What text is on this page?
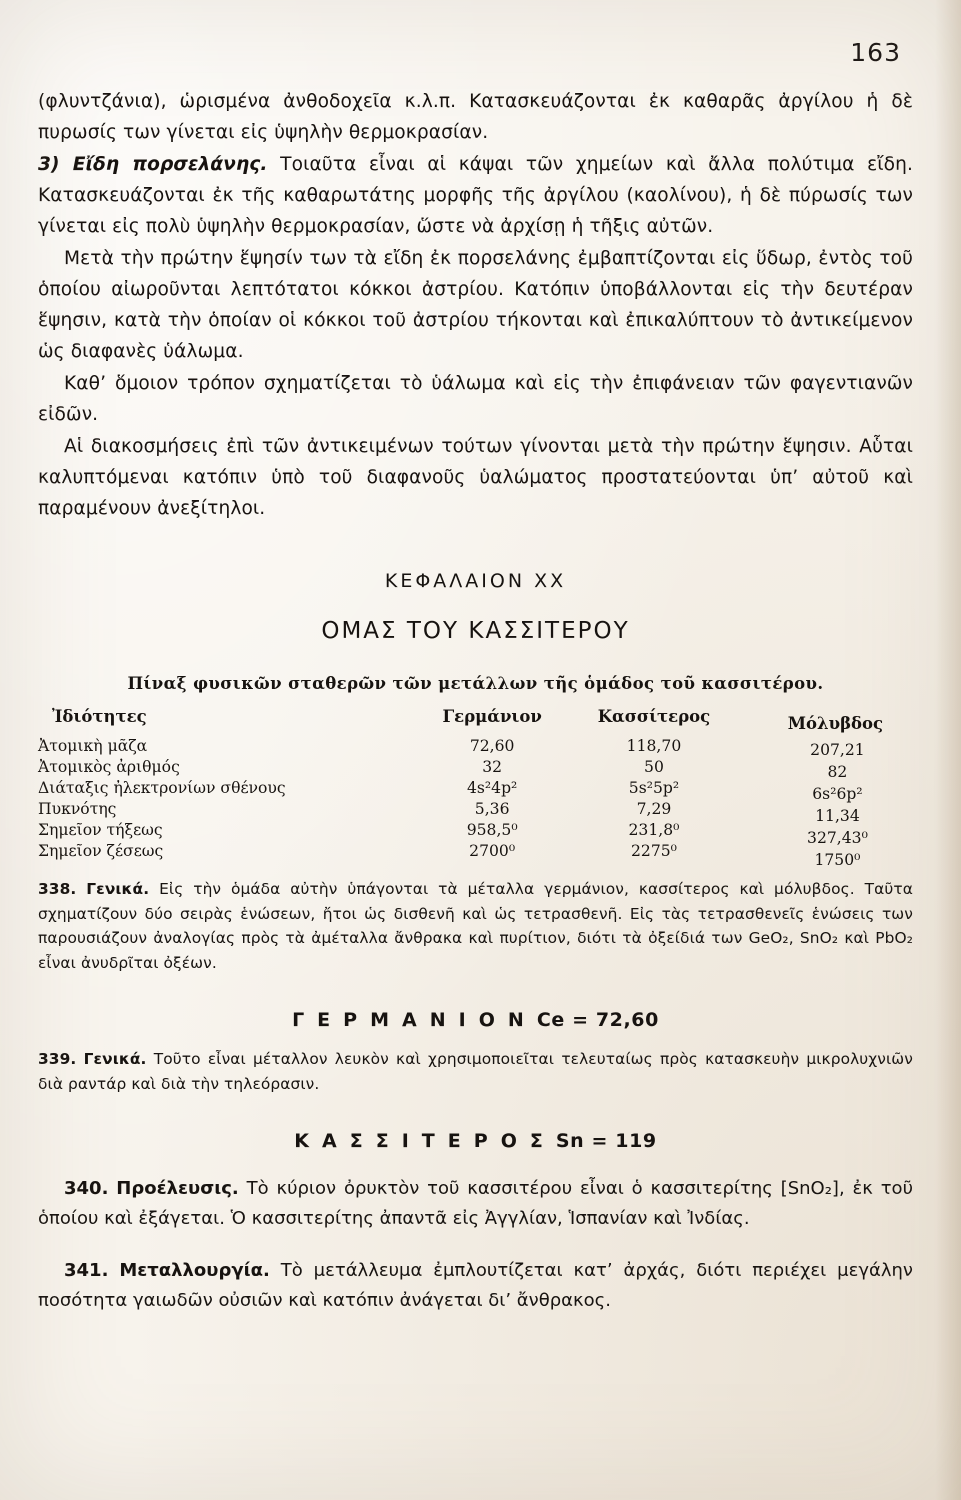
163

(φλυντζάνια), ὡρισμένα ἀνθοδοχεῖα κ.λ.π. Κατασκευάζονται ἐκ καθαρᾶς ἀργίλου ἡ δὲ πυρωσίς των γίνεται εἰς ὑψηλὴν θερμοκρασίαν.

3) Εἴδη πορσελάνης. Τοιαῦτα εἶναι αἱ κάψαι τῶν χημείων καὶ ἄλλα πολύτιμα εἴδη. Κατασκευάζονται ἐκ τῆς καθαρωτάτης μορφῆς τῆς ἀργίλου (καολίνου), ἡ δὲ πύρωσίς των γίνεται εἰς πολὺ ὑψηλὴν θερμοκρασίαν, ὥστε νὰ ἀρχίσῃ ἡ τῆξις αὐτῶν.

Μετὰ τὴν πρώτην ἕψησίν των τὰ εἴδη ἐκ πορσελάνης ἐμβαπτίζονται εἰς ὕδωρ, ἐντὸς τοῦ ὁποίου αἰωροῦνται λεπτότατοι κόκκοι ἀστρίου. Κατόπιν ὑποβάλλονται εἰς τὴν δευτέραν ἕψησιν, κατὰ τὴν ὁποίαν οἱ κόκκοι τοῦ ἀστρίου τήκονται καὶ ἐπικαλύπτουν τὸ ἀντικείμενον ὡς διαφανὲς ὑάλωμα.

Καθ’ ὅμοιον τρόπον σχηματίζεται τὸ ὑάλωμα καὶ εἰς τὴν ἐπιφάνειαν τῶν φαγεντιανῶν εἰδῶν.

Αἱ διακοσμήσεις ἐπὶ τῶν ἀντικειμένων τούτων γίνονται μετὰ τὴν πρώτην ἕψησιν. Αὗται καλυπτόμεναι κατόπιν ὑπὸ τοῦ διαφανοῦς ὑαλώματος προστατεύονται ὑπ’ αὐτοῦ καὶ παραμένουν ἀνεξίτηλοι.

ΚΕΦΑΛΑΙΟΝ ΧΧ
ΟΜΑΣ ΤΟΥ ΚΑΣΣΙΤΕΡΟΥ
Πίναξ φυσικῶν σταθερῶν τῶν μετάλλων τῆς ὁμάδος τοῦ κασσιτέρου.
Ἰδιότητες	Γερμάνιον	Κασσίτερος	Μόλυβδος
Ἀτομικὴ μᾶζα	72,60	118,70	207,21
Ἀτομικὸς ἀριθμός	32	50	82
Διάταξις ἠλεκτρονίων σθένους	4s²4p²	5s²5p²	6s²6p²
Πυκνότης	5,36	7,29	11,34
Σημεῖον τήξεως	958,5⁰	231,8⁰	327,43⁰
Σημεῖον ζέσεως	2700⁰	2275⁰	1750⁰

338. Γενικά. Εἰς τὴν ὁμάδα αὐτὴν ὑπάγονται τὰ μέταλλα γερμάνιον, κασσίτερος καὶ μόλυβδος. Ταῦτα σχηματίζουν δύο σειρὰς ἑνώσεων, ἤτοι ὡς δισθενῆ καὶ ὡς τετρασθενῆ. Εἰς τὰς τετρασθενεῖς ἑνώσεις των παρουσιάζουν ἀναλογίας πρὸς τὰ ἀμέταλλα ἄνθρακα καὶ πυρίτιον, διότι τὰ ὀξείδιά των GeO₂, SnO₂ καὶ PbO₂ εἶναι ἀνυδρῖται ὀξέων.

Γ Ε Ρ Μ Α Ν Ι Ο Ν Ce = 72,60

339. Γενικά. Τοῦτο εἶναι μέταλλον λευκὸν καὶ χρησιμοποιεῖται τελευταίως πρὸς κατασκευὴν μικρολυχνιῶν διὰ ραντάρ καὶ διὰ τὴν τηλεόρασιν.

Κ Α Σ Σ Ι Τ Ε Ρ Ο Σ Sn = 119

340. Προέλευσις. Τὸ κύριον ὀρυκτὸν τοῦ κασσιτέρου εἶναι ὁ κασσιτερίτης [SnO₂], ἐκ τοῦ ὁποίου καὶ ἐξάγεται. Ὁ κασσιτερίτης ἀπαντᾶ εἰς Ἀγγλίαν, Ἱσπανίαν καὶ Ἰνδίας.

341. Μεταλλουργία. Τὸ μετάλλευμα ἐμπλουτίζεται κατ’ ἀρχάς, διότι περιέχει μεγάλην ποσότητα γαιωδῶν οὐσιῶν καὶ κατόπιν ἀνάγεται δι’ ἄνθρακος.
